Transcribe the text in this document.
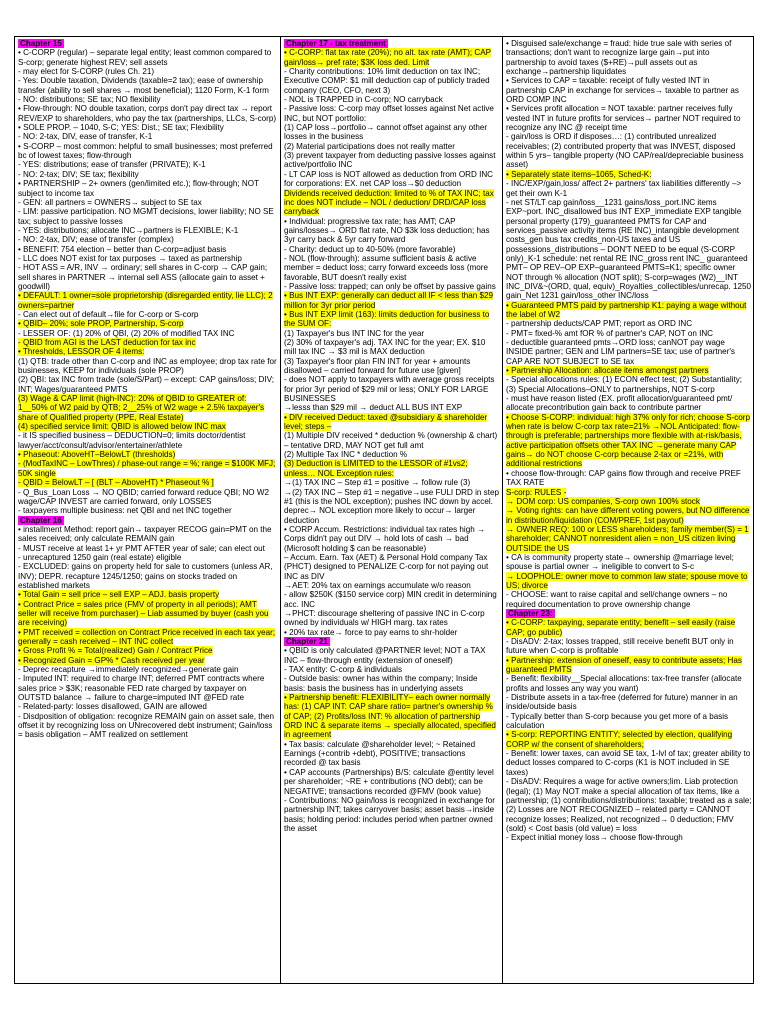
Chapter 15
• C-CORP (regular) – separate legal entity; least common compared to S-corp; generate highest REV; sell assets
- may elect for S-CORP (rules Ch. 21)
- Yes: Double taxation, Dividends (taxable=2 tax); ease of ownership transfer (ability to sell shares → most beneficial); 1120 Form, K-1 form
- NO: distributions; SE tax; NO flexibility
• Flow-through: NO double taxation, corps don't pay direct tax → report REV/EXP to shareholders, who pay the tax (partnerships, LLCs, S-corp)
• SOLE PROP. – 1040, S-C; YES: Dist.; SE tax; Flexibility
- NO: 2-tax, DIV, ease of transfer, K-1
• S-CORP – most common: helpful to small businesses; most preferred bc of lowest taxes; flow-through
- YES: distributions; ease of transfer (PRIVATE); K-1
- NO: 2-tax; DIV; SE tax; flexibility
• PARTNERSHIP – 2+ owners (gen/limited etc.); flow-through; NOT subject to income tax
- GEN: all partners = OWNERS→ subject to SE tax
- LIM: passive participation. NO MGMT decisions, lower liability; NO SE tax; subject to passive losses
- YES: distributions; allocate INC→partners is FLEXIBLE; K-1
- NO: 2-tax, DIV; ease of transfer (complex)
• BENEFIT: 754 election – better than C-corp=adjust basis
- LLC does NOT exist for tax purposes → taxed as partnership
- HOT ASS = A/R, INV → ordinary; sell shares in C-corp → CAP gain; sell shares in PARTNER → internal sell ASS (allocate gain to asset + goodwill)
• DEFAULT: 1 owner=sole proprietorship (disregarded entity, lie LLC); 2 owners=partner
- Can elect out of default→file for C-corp or S-corp
• QBID– 20%; sole PROP, Partnership, S-corp
- LESSER OF: (1) 20% of QBI, (2) 20% of modified TAX INC
- QBID from AGI is the LAST deduction for tax inc
• Thresholds, LESSOR OF 4 items:
(1) QTB: trade other than C-corp and INC as employee; drop tax rate for businesses, KEEP for individuals (sole PROP)
(2) QBI: tax INC from trade (sole/S/Part) – except: CAP gains/loss; DIV; INT; Wages/guaranteed PMTS
(3) Wage & CAP limit (high-INC): 20% of QBID to GREATER of: 1__50% of W2 paid by QTB; 2__25% of W2 wage + 2.5% taxpayer's share of Qualified property (PPE, Real Estate)
(4) specified service limit: QBID is allowed below INC max
- it IS specified business – DEDUCTION=0; limits doctor/dentist lawyer/acct/consult/advisor/entertainer/athlete
• Phaseout: AboveHT–BelowLT (thresholds)
- (ModTaxINC – LowThres) / phase-out range = %; range = $100K MFJ; 50K single
- QBID = BelowLT – [ (BLT – AboveHT) * Phaseout % ]
- Q_Bus_Loan Loss → NO QBID; carried forward reduce QBI; NO W2 wage/CAP INVEST are carried forward, only LOSSES
- taxpayers multiple business: net QBI and net INC together
Chapter 16
• installment Method: report gain→ taxpayer RECOG gain=PMT on the sales received; only calculate REMAIN gain
- MUST receive at least 1+ yr PMT AFTER year of sale; can elect out
- unrecaptured 1250 gain (real estate) eligible
- EXCLUDED: gains on property held for sale to customers (unless AR, INV); DEPR. recapture 1245/1250; gains on stocks traded on established markets
• Total Gain = sell price – sell EXP – ADJ. basis property
• Contract Price = sales price (FMV of property in all periods); AMT seller will receive from purchaser) – Liab assumed by buyer (cash you are receiving)
• PMT received = collection on Contract Price received in each tax year; generally = cash received – INT INC collect
• Gross Profit % = Total(realized) Gain / Contract Price
• Recognized Gain = GP% * Cash received per year
- Deprec recapture →immediately recognized→generate gain
- Imputed INT: required to charge INT; deferred PMT contracts where sales price > $3K; reasonable FED rate charged by taxpayer on OUTSTD balance → failure to charge=imputed INT @FED rate
- Related-party: losses disallowed, GAIN are allowed
- Disdposition of obligation: recognize REMAIN gain on asset sale, then offset it by recognizing loss on UNrecovered debt instrument; Gain/loss = basis obligation – AMT realized on settlement
Chapter 17 - tax treatment
• C-CORP: flat tax rate (20%); no alt. tax rate (AMT); CAP gain/loss→ pref rate; $3K loss ded. Limit
- Charity contributions: 10% limit deduction on tax INC; Executive COMP: $1 mill deduction cap of publicly traded company (CEO, CFO, next 3)
- NOL is TRAPPED in C-corp; NO carryback
- Passive loss: C-corp may offset losses against Net active INC, but NOT portfolio:
(1) CAP loss→portfolio→ cannot offset against any other losses in the business
(2) Material participations does not really matter
(3) prevent taxpayer from deducting passive losses against active/portfolio INC
- LT CAP loss is NOT allowed as deduction from ORD INC for corporations: EX. net CAP loss→$0 deduction
Dividends received deduction: limited to % of TAX INC; tax inc does NOT include – NOL / deduction/ DRD/CAP loss carryback
• Individual: progressive tax rate; has AMT; CAP gains/losses→ ORD flat rate, NO $3k loss deduction; has 3yr carry back & 5yr carry forward
- Charity: deduct up to 40-50% (more favorable)
- NOL (flow-through): assume sufficient basis & active member = deduct loss; carry forward exceeds loss (more favorable, BUT doesn't really exist
- Passive loss: trapped; can only be offset by passive gains
• Bus INT EXP: generally can deduct all IF < less than $29 million for 3yr prior period
• Bus INT EXP limit (163): limits deduction for business to the SUM OF:
(1) Taxpayer's bus INT INC for the year
(2) 30% of taxpayer's adj. TAX INC for the year; EX. $10 mill tax INC → $3 mil is MAX deduction
(3) Taxpayer's floor plan FIN INT for year + amounts disallowed – carried forward for future use [given]
- does NOT apply to taxpayers with average gross receipts for prior 3yr period of $29 mil or less; ONLY FOR LARGE BUSINESSES
→lesss than $29 mil → deduct ALL BUS INT EXP
• DIV received Deduct: taxed @subsidiary & shareholder level; steps –
(1) Multiple DIV received * deduction % (ownership & chart) – tentative DRD, MAY NOT get full amt
(2) Multiple Tax INC * deduction %
(3) Deduction is LIMITED to the LESSOR of #1vs2; unless… NOL Exception rules:
→(1) TAX INC – Step #1 = positive → follow rule (3)
→(2) TAX INC – Step #1 = negative→use FULI DRD in step #1 (this is the NOL exception); pushes INC down by accel. deprec→ NOL exception more likely to occur→ larger deduction
• CORP Accum. Restrictions: individual tax rates high → Corps didn't pay out DIV → hold lots of cash → bad (Microsoft holding $ can be reasonable)
– Accum. Earn. Tax (AET) & Personal Hold company Tax (PHCT) designed to PENALIZE C-corp for not paying out INC as DIV
→AET: 20% tax on earnings accumulate w/o reason
- allow $250K ($150 service corp) MIN credit in determining acc. INC
→PHCT: discourage sheltering of passive INC in C-corp owned by individuals w/ HIGH marg. tax rates
• 20% tax rate→ force to pay earns to shr-holder
Chapter 21
• QBID is only calculated @PARTNER level; NOT a TAX INC – flow-through entity (extension of oneself)
- TAX entity: C-corp & individuals
- Outside basis: owner has within the company; Inside basis: basis the business has in underlying assets
• Partnership benefit: FLEXIBILITY– each owner normally has: (1) CAP INT: CAP share ratio= partner's ownership % of CAP; (2) Profits/loss INT: % allocation of partnership ORD INC & separate items → specially allocated, specified in agreement
• Tax basis: calculate @shareholder level; ~ Retained Earnings (+contrib +debt), POSITIVE; transactions recorded @ tax basis
• CAP accounts (Partnerships) B/S: calculate @entity level per shareholder; ~RE + contributions (NO debt); can be NEGATIVE; transactions recorded @FMV (book value)
- Contributions: NO gain/loss is recognized in exchange for partnership INT; takes carryover basis; asset basis→inside basis; holding period: includes period when partner owned the asset
• Disguised sale/exchange = fraud: hide true sale with series of transactions; don't want to recognize large gain→put into partnership to avoid taxes ($+RE)→pull assets out as exchange→partnership liquidates
• Services to CAP = taxable: receipt of fully vested INT in partnership CAP in exchange for services→ taxable to partner as ORD COMP INC
• Services profit allocation = NOT taxable: partner receives fully vested INT in future profits for services→ partner NOT required to recognize any INC @ receipt time
- gain/loss is ORD if disposes…: (1) contributed unrealized receivables; (2) contributed property that was INVEST, disposed within 5 yrs– tangible property (NO CAP/real/depreciable business asset)
• Separately state items–1065, Sched-K:
- INC/EXP/gain,loss/ affect 2+ partners' tax liabilities differently –> get their own K-1
- net ST/LT cap gain/loss__1231 gains/loss_port.INC items EXP~port. INC_disallowed bus INT EXP_immediate EXP tangible personal property (179)_guaranteed PMTS for CAP and services_passive activity items (RE INC)_intangible development costs_gen bus tax credits_non-US taxes and US possessions_distributions – DON'T NEED to be equal (S-CORP only)_K-1 schedule: net rental RE INC_gross rent INC_ guaranteed PMT– OP REV–OP EXP–guaranteed PMTS=K1; specific owner NOT through % allocation (NOT split); S-corp=wages (W2)__INT INC_DIV&~(ORD, qual, equiv)_Royalties_collectibles/unrecap. 1250 gain_Net 1231 gain/loss_other INC/loss
• Guaranteed PMTS paid by partnership K1: paying a wage without the label of W2
- partnership deducts/CAP PMT; report as ORD INC
- PMT= fixed-% amt fOR % of partner's CAP, NOT on INC
- deductible guaranteed pmts→ORD loss; canNOT pay wage INSIDE partner; GEN and LIM partners=SE tax; use of partner's CAP ARE NOT SUBJECT to SE tax
• Partnership Allocation: allocate items amongst partners
- Special allocations rules: (1) ECON effect test; (2) Substantiality; (3) Special Allocations–ONLY to partnerships, NOT S-corp
- must have reason listed (EX. profit allocation/guaranteed pmt/ allocate precontribution gain back to contribute partner
• Choose S-CORP: individual: high 37% only for rich; choose S-corp when rate is below C-corp tax rate=21% →NOL Anticipated: flow-through is preferable; partnerships more flexible with at-risk/basis, active participation offsets other TAX INC →generate many CAP gains→ do NOT choose C-corp because 2-tax or =21%, with additional restrictions
• choose flow-through: CAP gains flow through and receive PREF TAX RATE
S-corp: RULES -
→ DOM corp: US companies, S-corp own 100% stock
→ Voting rights: can have different voting powers, but NO difference in distribution/liquidation (COM/PREF, 1st payout)
→ OWNER REQ: 100 or LESS shareholders; family member(S) = 1 shareholder; CANNOT nonresident alien = non_US citizen living OUTSIDE the US
• CA is community property state→ ownership @marriage level; spouse is partial owner → ineligible to convert to S-c
→ LOOPHOLE: owner move to common law state; spouse move to US; divorce
- CHOOSE: want to raise capital and sell/change owners – no required documentation to prove ownership change
Chapter 23:
• C-CORP: taxpaying, separate entity; benefit – sell easily (raise CAP; go public)
- DisADV: 2-tax; losses trapped, still receive benefit BUT only in future when C-corp is profitable
• Partnership: extension of oneself, easy to contribute assets; Has guaranteed PMTS
- Benefit: flexibility__Special allocations: tax-free transfer (allocate profits and losses any way you want)
- Distribute assets in a tax-free (deferred for future) manner in an inside/outside basis
- Typically better than S-corp because you get more of a basis calculation
• S-corp: REPORTING ENTITY; selected by election, qualifying CORP w/ the consent of shareholders;
- Benefit: lower taxes, can avoid SE tax, 1-lvl of tax; greater ability to deduct losses compared to C-corps (K1 is NOT included in SE taxes)
- DisADV: Requires a wage for active owners;lim. Liab protection (legal); (1) May NOT make a special allocation of tax items, like a partnership; (1) contributions/distributions: taxable; treated as a sale; (2) Losses are NOT RECOGNIZED – related party = CANNOT recognize losses; Realized, not recognized→ 0 deduction; FMV (sold) < Cost basis (old value) = loss
- Expect initial money loss→ choose flow-through
